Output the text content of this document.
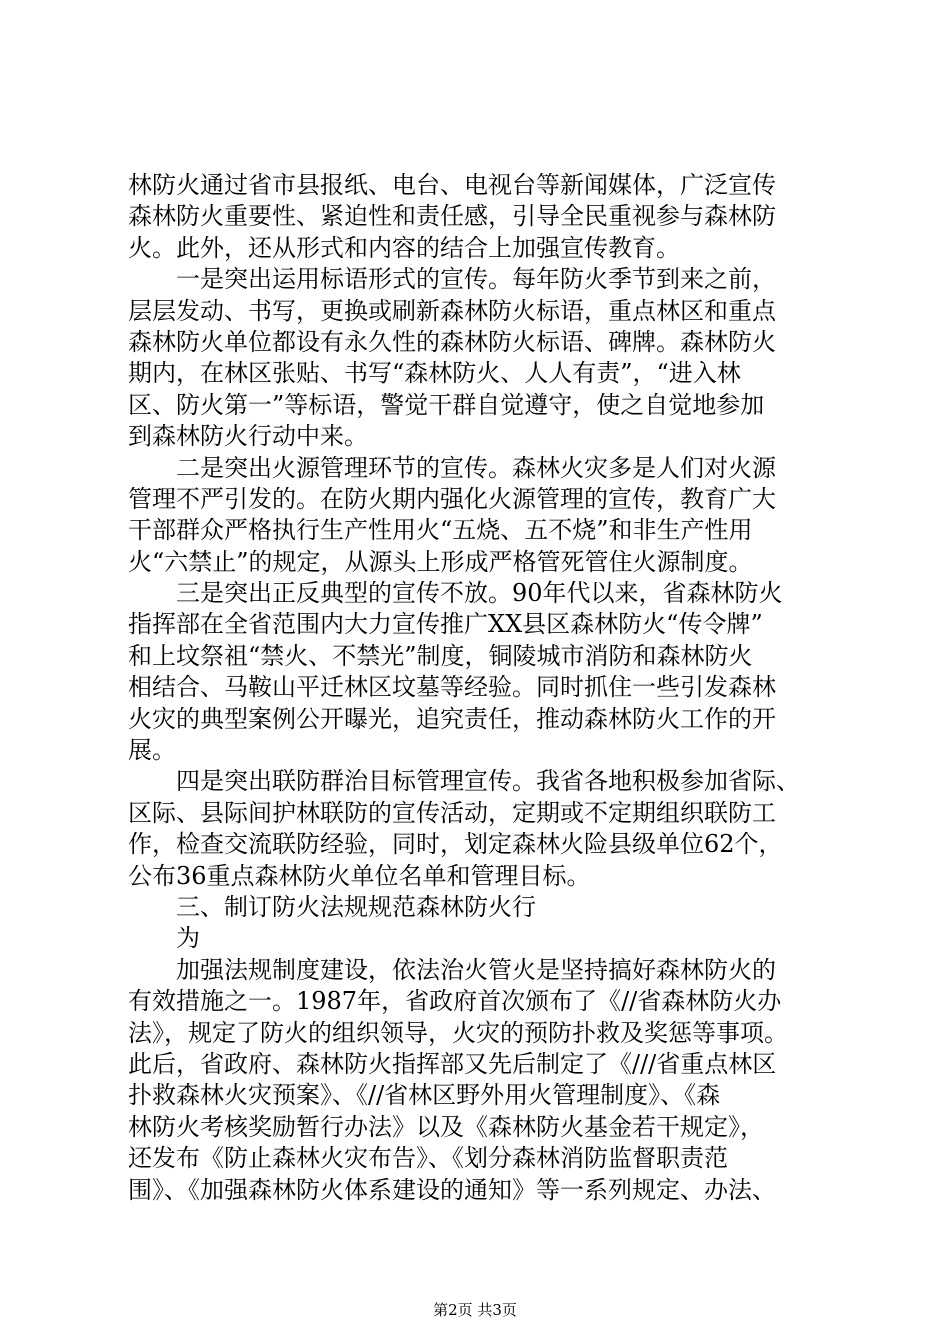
林防火通过省市县报纸、电台、电视台等新闻媒体，广泛宣传
森林防火重要性、紧迫性和责任感，引导全民重视参与森林防
火。此外，还从形式和内容的结合上加强宣传教育。
　　一是突出运用标语形式的宣传。每年防火季节到来之前，
层层发动、书写，更换或刷新森林防火标语，重点林区和重点
森林防火单位都设有永久性的森林防火标语、碑牌。森林防火
期内，在林区张贴、书写“森林防火、人人有责”，“进入林
区、防火第一”等标语，警觉干群自觉遵守，使之自觉地参加
到森林防火行动中来。
　　二是突出火源管理环节的宣传。森林火灾多是人们对火源
管理不严引发的。在防火期内强化火源管理的宣传，教育广大
干部群众严格执行生产性用火“五烧、五不烧”和非生产性用
火“六禁止”的规定，从源头上形成严格管死管住火源制度。
　　三是突出正反典型的宣传不放。90年代以来，省森林防火
指挥部在全省范围内大力宣传推广XX县区森林防火“传令牌”
和上坟祭祖“禁火、不禁光”制度，铜陵城市消防和森林防火
相结合、马鞍山平迁林区坟墓等经验。同时抓住一些引发森林
火灾的典型案例公开曝光，追究责任，推动森林防火工作的开
展。
　　四是突出联防群治目标管理宣传。我省各地积极参加省际、
区际、县际间护林联防的宣传活动，定期或不定期组织联防工
作，检查交流联防经验，同时，划定森林火险县级单位62个，
公布36重点森林防火单位名单和管理目标。
　　三、制订防火法规规范森林防火行
　　为
　　加强法规制度建设，依法治火管火是坚持搞好森林防火的
有效措施之一。1987年，省政府首次颁布了《//省森林防火办
法》，规定了防火的组织领导，火灾的预防扑救及奖惩等事项。
此后，省政府、森林防火指挥部又先后制定了《///省重点林区
扑救森林火灾预案》、《//省林区野外用火管理制度》、《森
林防火考核奖励暂行办法》以及《森林防火基金若干规定》，
还发布《防止森林火灾布告》、《划分森林消防监督职责范
围》、《加强森林防火体系建设的通知》等一系列规定、办法、
第2页 共3页
